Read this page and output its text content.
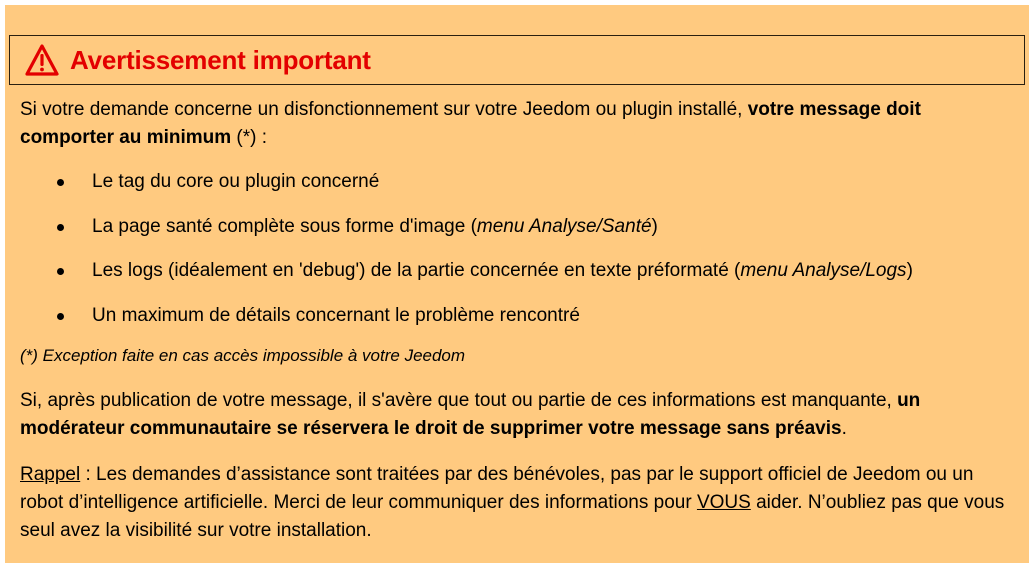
Avertissement important

Si votre demande concerne un disfonctionnement sur votre Jeedom ou plugin installé, votre message doit comporter au minimum (*) :

Le tag du core ou plugin concerné
La page santé complète sous forme d'image (menu Analyse/Santé)
Les logs (idéalement en 'debug') de la partie concernée en texte préformaté (menu Analyse/Logs)
Un maximum de détails concernant le problème rencontré

(*) Exception faite en cas accès impossible à votre Jeedom

Si, après publication de votre message, il s'avère que tout ou partie de ces informations est manquante, un modérateur communautaire se réservera le droit de supprimer votre message sans préavis.

Rappel : Les demandes d’assistance sont traitées par des bénévoles, pas par le support officiel de Jeedom ou un robot d’intelligence artificielle. Merci de leur communiquer des informations pour VOUS aider. N’oubliez pas que vous seul avez la visibilité sur votre installation.
